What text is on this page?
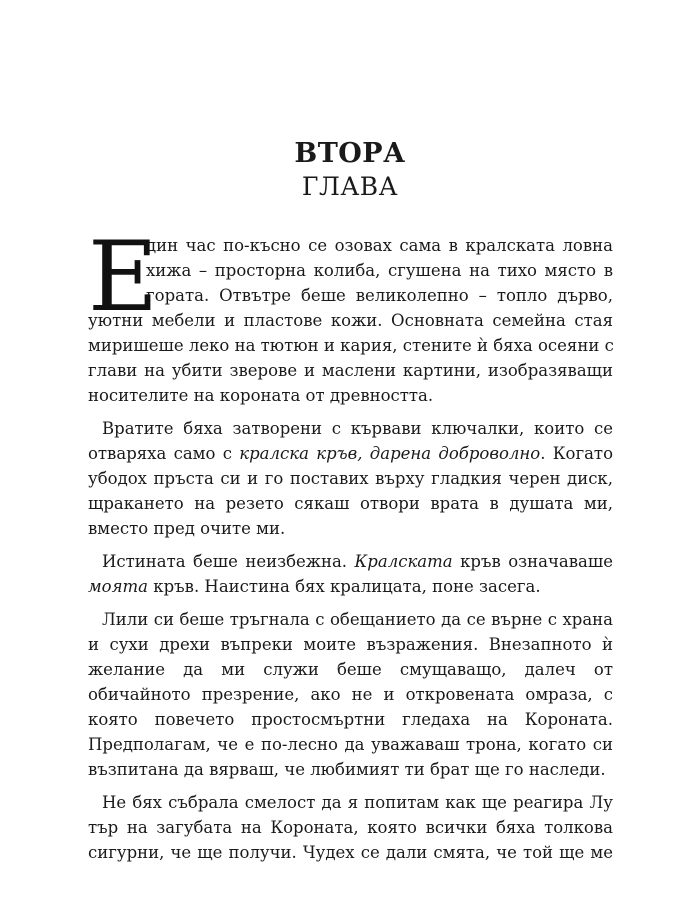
ВТОРА
ГЛАВА
Е
дин час по-късно се озовах сама в кралската ловна
хижа – просторна колиба, сгушена на тихо място в
гората. Отвътре беше великолепно – топло дърво,
уютни мебели и пластове кожи. Основната семейна стая
миришеше леко на тютюн и кария, стените ѝ бяха осеяни с
глави на убити зверове и маслени картини, изобразяващи
носителите на короната от древността.
Вратите бяха затворени с кървави ключалки, които се
отваряха само с кралска кръв, дарена доброволно. Когато
убодох пръста си и го поставих върху гладкия черен диск,
щракането на резето сякаш отвори врата в душата ми,
вместо пред очите ми.
Истината беше неизбежна. Кралската кръв означаваше
моята кръв. Наистина бях кралицата, поне засега.
Лили си беше тръгнала с обещанието да се върне с храна
и сухи дрехи въпреки моите възражения. Внезапното ѝ
желание да ми служи беше смущаващо, далеч от
обичайното презрение, ако не и откровената омраза, с
която повечето простосмъртни гледаха на Короната.
Предполагам, че е по-лесно да уважаваш трона, когато си
възпитана да вярваш, че любимият ти брат ще го наследи.
Не бях събрала смелост да я попитам как ще реагира Лу
тър на загубата на Короната, която всички бяха толкова
сигурни, че ще получи. Чудех се дали смята, че той ще ме
